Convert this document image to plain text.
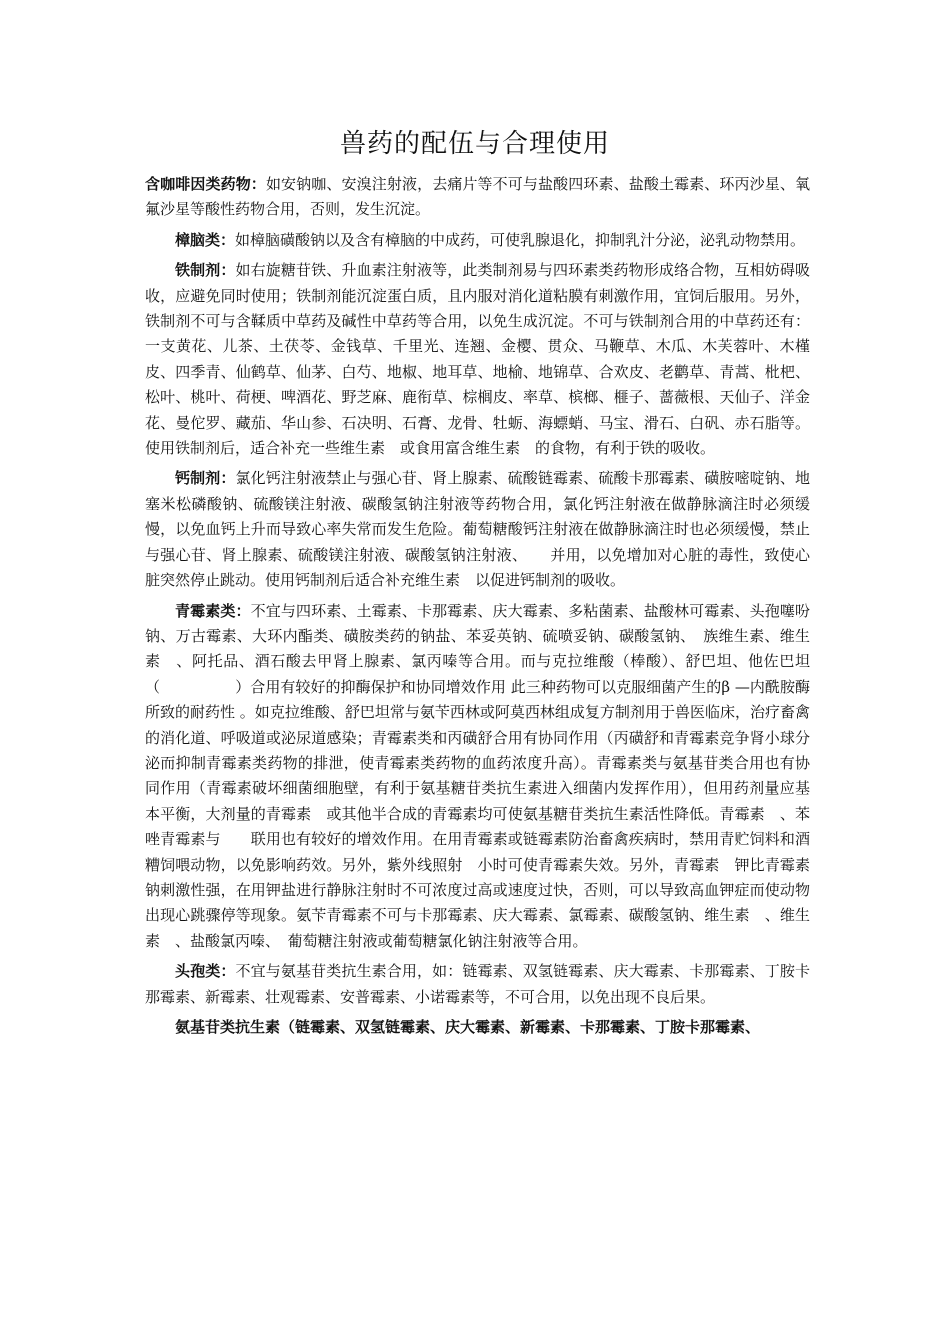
兽药的配伍与合理使用

含咖啡因类药物：如安钠咖、安溴注射液，去痛片等不可与盐酸四环素、盐酸土霉素、环丙沙星、氧氟沙星等酸性药物合用，否则，发生沉淀。

樟脑类：如樟脑磺酸钠以及含有樟脑的中成药，可使乳腺退化，抑制乳汁分泌，泌乳动物禁用。

铁制剂：如右旋糖苷铁、升血素注射液等，此类制剂易与四环素类药物形成络合物，互相妨碍吸收，应避免同时使用；铁制剂能沉淀蛋白质，且内服对消化道粘膜有刺激作用，宜饲后服用。另外，铁制剂不可与含鞣质中草药及碱性中草药等合用，以免生成沉淀。不可与铁制剂合用的中草药还有：一支黄花、儿茶、土茯苓、金钱草、千里光、连翘、金樱、贯众、马鞭草、木瓜、木芙蓉叶、木槿皮、四季青、仙鹤草、仙茅、白芍、地椒、地耳草、地榆、地锦草、合欢皮、老鹳草、青蒿、枇杷、松叶、桃叶、荷梗、啤酒花、野芝麻、鹿衔草、棕榈皮、率草、槟榔、榧子、蔷薇根、天仙子、洋金花、曼佗罗、藏茄、华山参、石决明、石膏、龙骨、牡蛎、海螵蛸、马宝、滑石、白矾、赤石脂等。使用铁制剂后，适合补充一些维生素　或食用富含维生素　的食物，有利于铁的吸收。

钙制剂：氯化钙注射液禁止与强心苷、肾上腺素、硫酸链霉素、硫酸卡那霉素、磺胺嘧啶钠、地塞米松磷酸钠、硫酸镁注射液、碳酸氢钠注射液等药物合用，氯化钙注射液在做静脉滴注时必须缓慢，以免血钙上升而导致心率失常而发生危险。葡萄糖酸钙注射液在做静脉滴注时也必须缓慢，禁止与强心苷、肾上腺素、硫酸镁注射液、碳酸氢钠注射液、　　并用，以免增加对心脏的毒性，致使心脏突然停止跳动。使用钙制剂后适合补充维生素　以促进钙制剂的吸收。

青霉素类：不宜与四环素、土霉素、卡那霉素、庆大霉素、多粘菌素、盐酸林可霉素、头孢噻吩钠、万古霉素、大环内酯类、磺胺类药的钠盐、苯妥英钠、硫喷妥钠、碳酸氢钠、　族维生素、维生素　、阿托品、酒石酸去甲肾上腺素、氯丙嗪等合用。而与克拉维酸（棒酸）、舒巴坦、他佐巴坦（　　　　　）合用有较好的抑酶保护和协同增效作用 此三种药物可以克服细菌产生的β —内酰胺酶所致的耐药性 。如克拉维酸、舒巴坦常与氨苄西林或阿莫西林组成复方制剂用于兽医临床，治疗畜禽的消化道、呼吸道或泌尿道感染；青霉素类和丙磺舒合用有协同作用（丙磺舒和青霉素竞争肾小球分泌而抑制青霉素类药物的排泄，使青霉素类药物的血药浓度升高）。青霉素类与氨基苷类合用也有协同作用（青霉素破坏细菌细胞壁，有利于氨基糖苷类抗生素进入细菌内发挥作用），但用药剂量应基本平衡，大剂量的青霉素　或其他半合成的青霉素均可使氨基糖苷类抗生素活性降低。青霉素　、苯唑青霉素与　　联用也有较好的增效作用。在用青霉素或链霉素防治畜禽疾病时，禁用青贮饲料和酒糟饲喂动物，以免影响药效。另外，紫外线照射　小时可使青霉素失效。另外，青霉素　钾比青霉素　钠刺激性强，在用钾盐进行静脉注射时不可浓度过高或速度过快，否则，可以导致高血钾症而使动物出现心跳骤停等现象。氨苄青霉素不可与卡那霉素、庆大霉素、氯霉素、碳酸氢钠、维生素　、维生素　、盐酸氯丙嗪、　葡萄糖注射液或葡萄糖氯化钠注射液等合用。

头孢类：不宜与氨基苷类抗生素合用，如：链霉素、双氢链霉素、庆大霉素、卡那霉素、丁胺卡那霉素、新霉素、壮观霉素、安普霉素、小诺霉素等，不可合用，以免出现不良后果。

氨基苷类抗生素（链霉素、双氢链霉素、庆大霉素、新霉素、卡那霉素、丁胺卡那霉素、
